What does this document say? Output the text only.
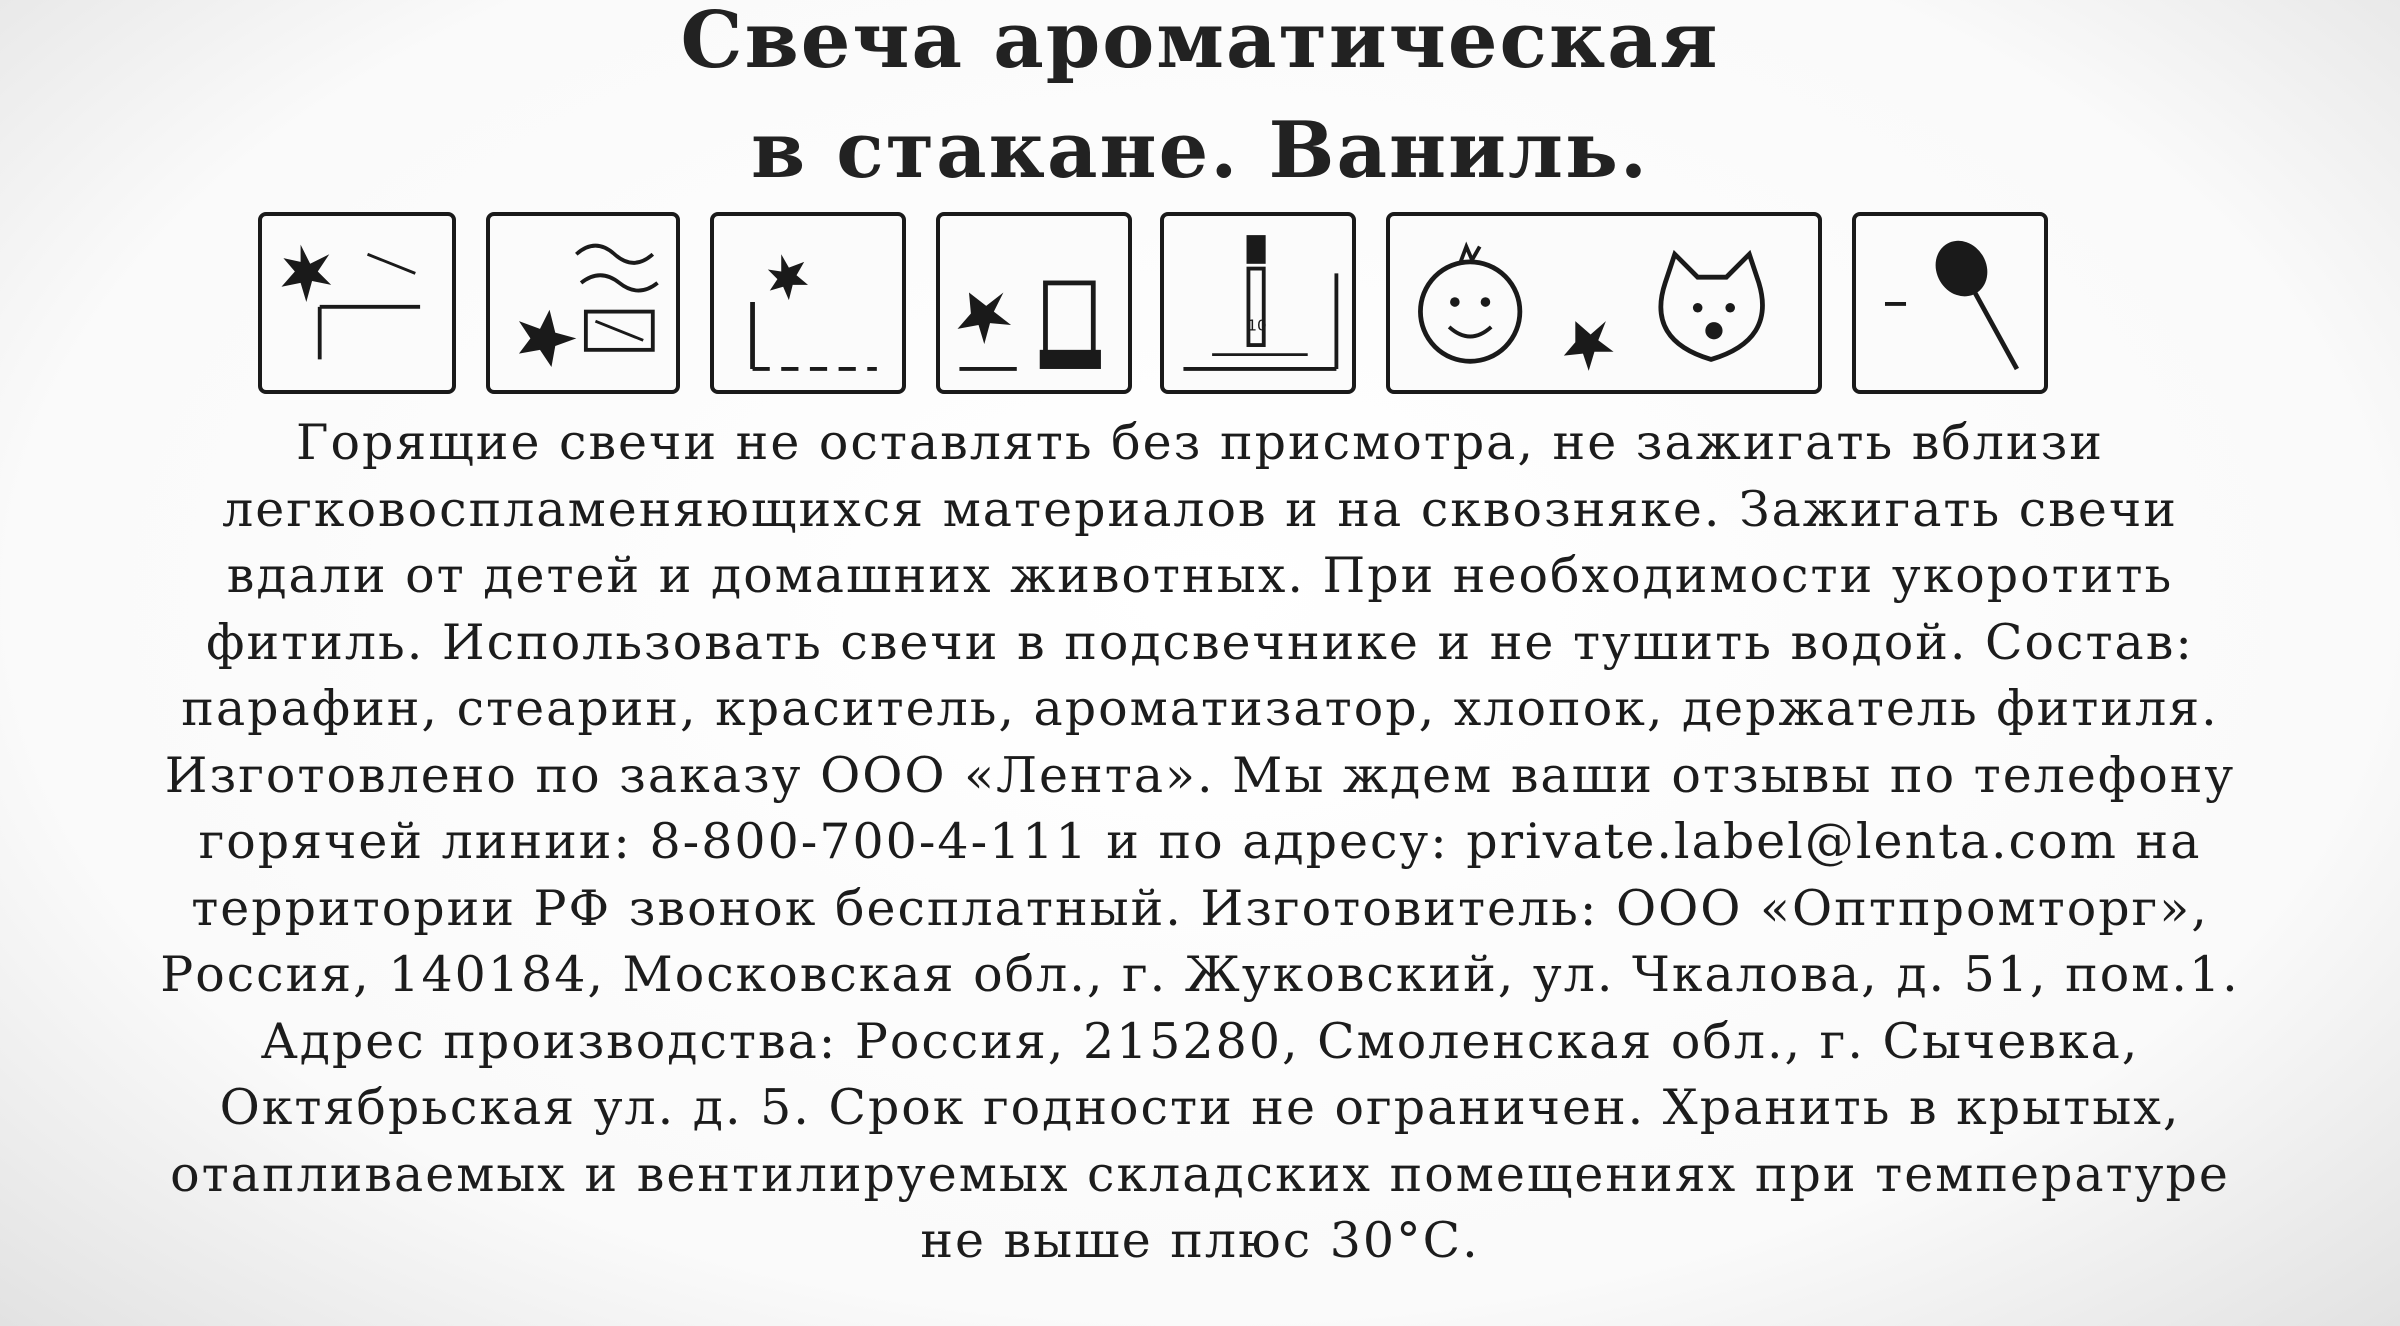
Свеча ароматическая
в стакане. Ваниль.
10
Горящие свечи не оставлять без присмотра, не зажигать вблизи
легковоспламеняющихся материалов и на сквозняке. Зажигать свечи
вдали от детей и домашних животных. При необходимости укоротить
фитиль. Использовать свечи в подсвечнике и не тушить водой. Состав:
парафин, стеарин, краситель, ароматизатор, хлопок, держатель фитиля.
Изготовлено по заказу ООО «Лента». Мы ждем ваши отзывы по телефону
горячей линии: 8-800-700-4-111 и по адресу: private.label@lenta.com на
территории РФ звонок бесплатный. Изготовитель: ООО «Оптпромторг»,
Россия, 140184, Московская обл., г. Жуковский, ул. Чкалова, д. 51, пом.1.
Адрес производства: Россия, 215280, Смоленская обл., г. Сычевка,
Октябрьская ул. д. 5. Срок годности не ограничен. Хранить в крытых,
отапливаемых и вентилируемых складских помещениях при температуре
не выше плюс 30°С.
